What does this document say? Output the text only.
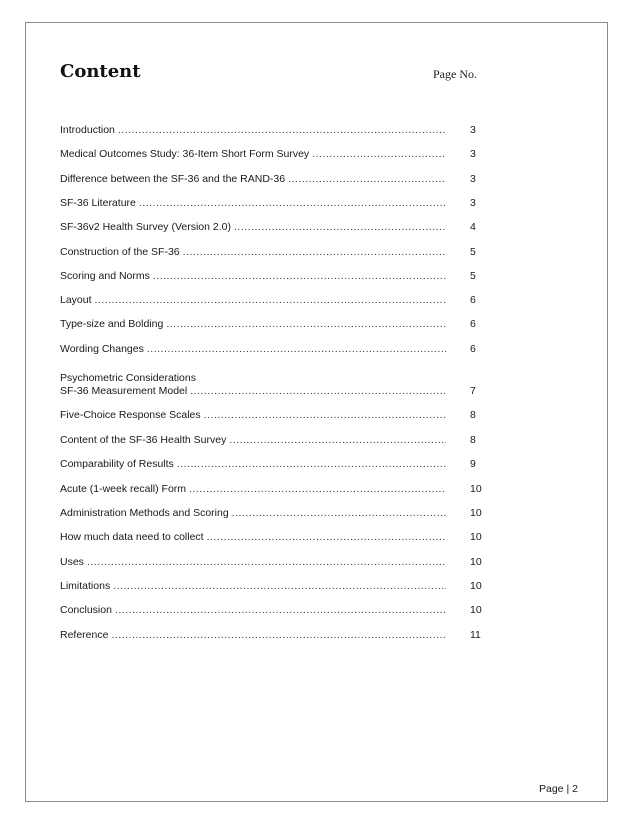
Content	Page No.
Introduction .....	3
Medical Outcomes Study: 36-Item Short Form Survey .....	3
Difference between the SF-36 and the RAND-36 .....	3
SF-36 Literature .....	3
SF-36v2 Health Survey (Version 2.0) .....	4
Construction of the SF-36 .....	5
Scoring and Norms .....	5
Layout .....	6
Type-size and Bolding .....	6
Wording Changes .....	6
Psychometric Considerations
SF-36 Measurement Model .....	7
Five-Choice Response Scales .....	8
Content of the SF-36 Health Survey .....	8
Comparability of Results .....	9
Acute (1-week recall) Form .....	10
Administration Methods and Scoring .....	10
How much data need to collect .....	10
Uses .....	10
Limitations .....	10
Conclusion .....	10
Reference .....	11
Page | 2
